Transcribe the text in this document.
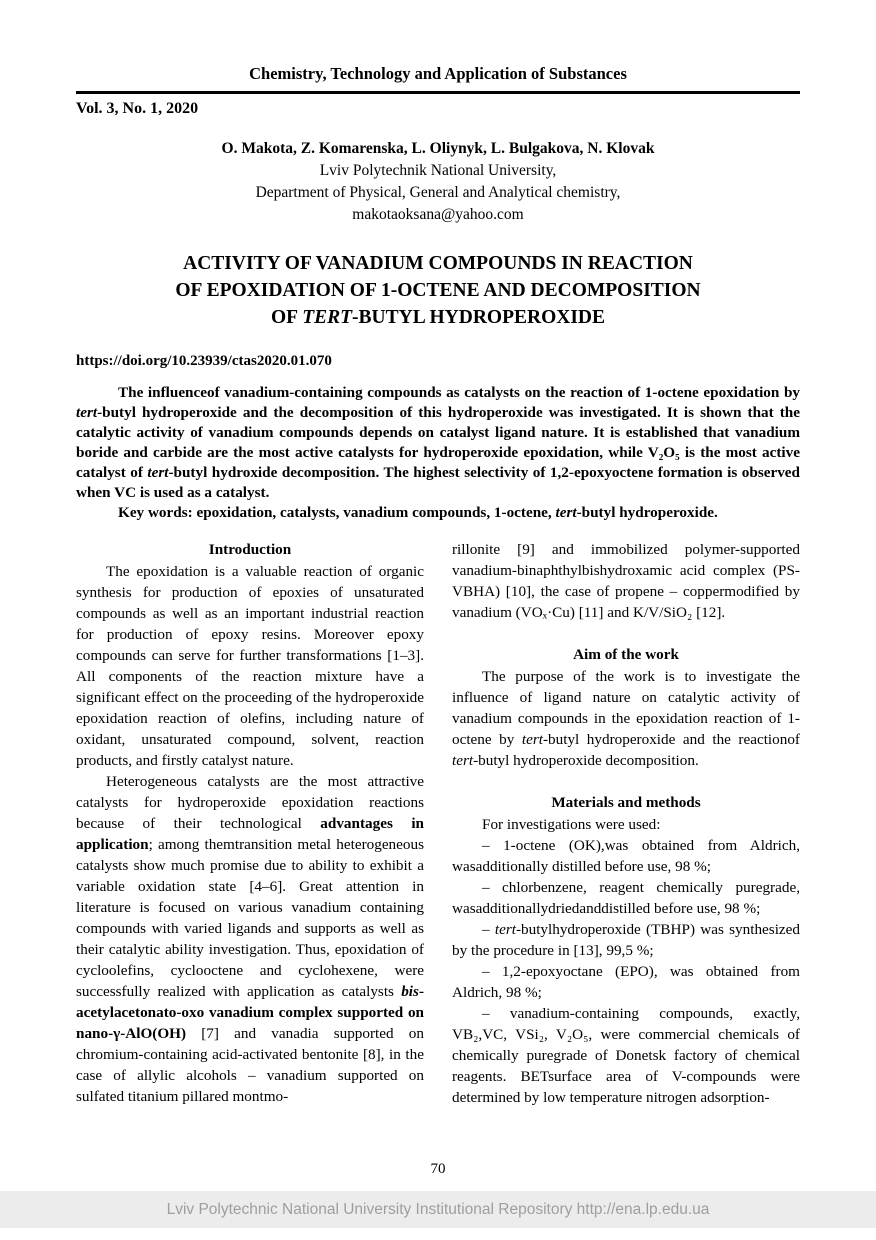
Chemistry, Technology and Application of Substances
Vol. 3, No. 1, 2020
O. Makota, Z. Komarenska, L. Oliynyk, L. Bulgakova, N. Klovak
Lviv Polytechnik National University,
Department of Physical, General and Analytical chemistry,
makotaoksana@yahoo.com
ACTIVITY OF VANADIUM COMPOUNDS IN REACTION
OF EPOXIDATION OF 1-OCTENE AND DECOMPOSITION
OF TERT-BUTYL HYDROPEROXIDE
https://doi.org/10.23939/ctas2020.01.070

The influenceof vanadium-containing compounds as catalysts on the reaction of 1-octene epoxidation by tert-butyl hydroperoxide and the decomposition of this hydroperoxide was investigated. It is shown that the catalytic activity of vanadium compounds depends on catalyst ligand nature. It is established that vanadium boride and carbide are the most active catalysts for hydroperoxide epoxidation, while V₂O₅ is the most active catalyst of tert-butyl hydroxide decomposition. The highest selectivity of 1,2-epoxyoctene formation is observed when VC is used as a catalyst.

Key words: epoxidation, catalysts, vanadium compounds, 1-octene, tert-butyl hydroperoxide.

Introduction

The epoxidation is a valuable reaction of organic synthesis for production of epoxies of unsaturated compounds as well as an important industrial reaction for production of epoxy resins. Moreover epoxy compounds can serve for further transformations [1–3]. All components of the reaction mixture have a significant effect on the proceeding of the hydroperoxide epoxidation reaction of olefins, including nature of oxidant, unsaturated compound, solvent, reaction products, and firstly catalyst nature.

Heterogeneous catalysts are the most attractive catalysts for hydroperoxide epoxidation reactions because of their technological advantages in application; among themtransition metal heterogeneous catalysts show much promise due to ability to exhibit a variable oxidation state [4–6]. Great attention in literature is focused on various vanadium containing compounds with varied ligands and supports as well as their catalytic ability investigation. Thus, epoxidation of cycloolefins, cyclooctene and cyclohexene, were successfully realized with application as catalysts bis-acetylacetonato-oxo vanadium complex supported on nano-γ-AlO(OH) [7] and vanadia supported on chromium-containing acid-activated bentonite [8], in the case of allylic alcohols – vanadium supported on sulfated titanium pillared montmo-

rillonite [9] and immobilized polymer-supported vanadium-binaphthylbishydroxamic acid complex (PS-VBHA) [10], the case of propene – coppermodified by vanadium (VOₓ·Cu) [11] and K/V/SiO₂ [12].

Aim of the work

The purpose of the work is to investigate the influence of ligand nature on catalytic activity of vanadium compounds in the epoxidation reaction of 1-octene by tert-butyl hydroperoxide and the reactionof tert-butyl hydroperoxide decomposition.

Materials and methods

For investigations were used:

– 1-octene (OK),was obtained from Aldrich, wasadditionally distilled before use, 98 %;

– chlorbenzene, reagent chemically puregrade, wasadditionallydriedanddistilled before use, 98 %;

– tert-butylhydroperoxide (TBHP) was synthesized by the procedure in [13], 99,5 %;

– 1,2-epoxyoctane (EPO), was obtained from Aldrich, 98 %;

– vanadium-containing compounds, exactly, VB₂,VC, VSi₂, V₂O₅, were commercial chemicals of chemically puregrade of Donetsk factory of chemical reagents. BETsurface area of V-compounds were determined by low temperature nitrogen adsorption-

70
Lviv Polytechnic National University Institutional Repository http://ena.lp.edu.ua
